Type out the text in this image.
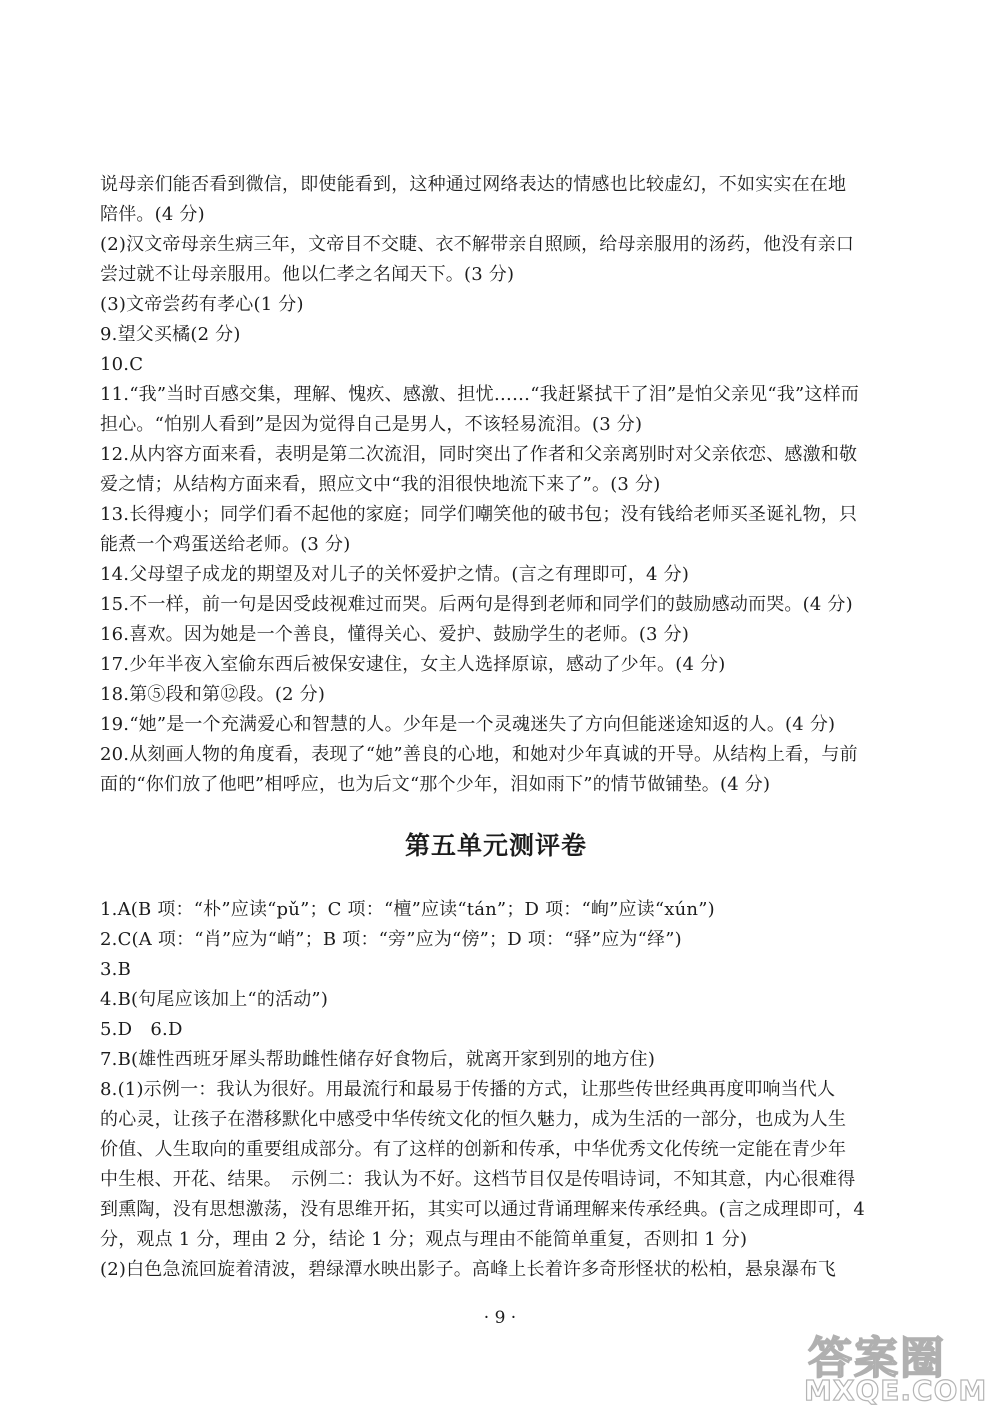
说母亲们能否看到微信，即使能看到，这种通过网络表达的情感也比较虚幻，不如实实在在地
陪伴。(4 分)
(2)汉文帝母亲生病三年，文帝目不交睫、衣不解带亲自照顾，给母亲服用的汤药，他没有亲口
尝过就不让母亲服用。他以仁孝之名闻天下。(3 分)
(3)文帝尝药有孝心(1 分)
9.望父买橘(2 分)
10.C
11.“我”当时百感交集，理解、愧疚、感激、担忧……“我赶紧拭干了泪”是怕父亲见“我”这样而
担心。“怕别人看到”是因为觉得自己是男人，不该轻易流泪。(3 分)
12.从内容方面来看，表明是第二次流泪，同时突出了作者和父亲离别时对父亲依恋、感激和敬
爱之情；从结构方面来看，照应文中“我的泪很快地流下来了”。(3 分)
13.长得瘦小；同学们看不起他的家庭；同学们嘲笑他的破书包；没有钱给老师买圣诞礼物，只
能煮一个鸡蛋送给老师。(3 分)
14.父母望子成龙的期望及对儿子的关怀爱护之情。(言之有理即可，4 分)
15.不一样，前一句是因受歧视难过而哭。后两句是得到老师和同学们的鼓励感动而哭。(4 分)
16.喜欢。因为她是一个善良，懂得关心、爱护、鼓励学生的老师。(3 分)
17.少年半夜入室偷东西后被保安逮住，女主人选择原谅，感动了少年。(4 分)
18.第⑤段和第⑫段。(2 分)
19.“她”是一个充满爱心和智慧的人。少年是一个灵魂迷失了方向但能迷途知返的人。(4 分)
20.从刻画人物的角度看，表现了“她”善良的心地，和她对少年真诚的开导。从结构上看，与前
面的“你们放了他吧”相呼应，也为后文“那个少年，泪如雨下”的情节做铺垫。(4 分)
第五单元测评卷
1.A(B 项：“朴”应读“pǔ”；C 项：“檀”应读“tán”；D 项：“峋”应读“xún”)
2.C(A 项：“肖”应为“峭”；B 项：“旁”应为“傍”；D 项：“驿”应为“绎”)
3.B
4.B(句尾应该加上“的活动”)
5.D　6.D
7.B(雄性西班牙犀头帮助雌性储存好食物后，就离开家到别的地方住)
8.(1)示例一：我认为很好。用最流行和最易于传播的方式，让那些传世经典再度叩响当代人
的心灵，让孩子在潜移默化中感受中华传统文化的恒久魅力，成为生活的一部分，也成为人生
价值、人生取向的重要组成部分。有了这样的创新和传承，中华优秀文化传统一定能在青少年
中生根、开花、结果。　示例二：我认为不好。这档节目仅是传唱诗词，不知其意，内心很难得
到熏陶，没有思想激荡，没有思维开拓，其实可以通过背诵理解来传承经典。(言之成理即可，4
分，观点 1 分，理由 2 分，结论 1 分；观点与理由不能简单重复，否则扣 1 分)
(2)白色急流回旋着清波，碧绿潭水映出影子。高峰上长着许多奇形怪状的松柏，悬泉瀑布飞
· 9 ·
答案圈
MXQE.COM
